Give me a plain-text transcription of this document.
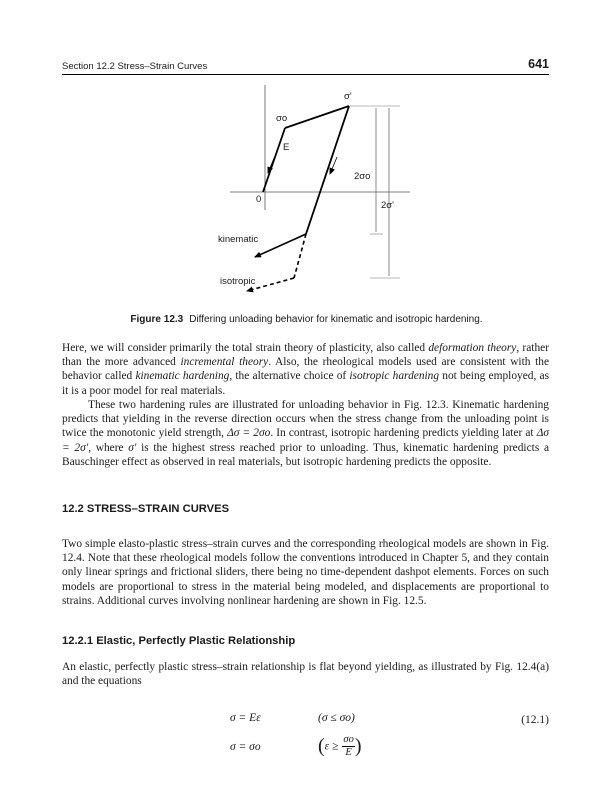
Section 12.2 Stress–Strain Curves	641
σ'
σo
E
0
2σo
2σ'
kinematic
isotropic
Figure 12.3 Differing unloading behavior for kinematic and isotropic hardening.

Here, we will consider primarily the total strain theory of plasticity, also called deformation theory, rather than the more advanced incremental theory. Also, the rheological models used are consistent with the behavior called kinematic hardening, the alternative choice of isotropic hardening not being employed, as it is a poor model for real materials.

These two hardening rules are illustrated for unloading behavior in Fig. 12.3. Kinematic hardening predicts that yielding in the reverse direction occurs when the stress change from the unloading point is twice the monotonic yield strength, Δσ = 2σo. In contrast, isotropic hardening predicts yielding later at Δσ = 2σ′, where σ′ is the highest stress reached prior to unloading. Thus, kinematic hardening predicts a Bauschinger effect as observed in real materials, but isotropic hardening predicts the opposite.

12.2 STRESS–STRAIN CURVES

Two simple elasto-plastic stress–strain curves and the corresponding rheological models are shown in Fig. 12.4. Note that these rheological models follow the conventions introduced in Chapter 5, and they contain only linear springs and frictional sliders, there being no time-dependent dashpot elements. Forces on such models are proportional to stress in the material being modeled, and displacements are proportional to strains. Additional curves involving nonlinear hardening are shown in Fig. 12.5.

12.2.1 Elastic, Perfectly Plastic Relationship

An elastic, perfectly plastic stress–strain relationship is flat beyond yielding, as illustrated by Fig. 12.4(a) and the equations

σ = Eε	(σ ≤ σo)
σ = σo	($\varepsilon \ge \frac{\sigma o}{E}$ )
(12.1)
